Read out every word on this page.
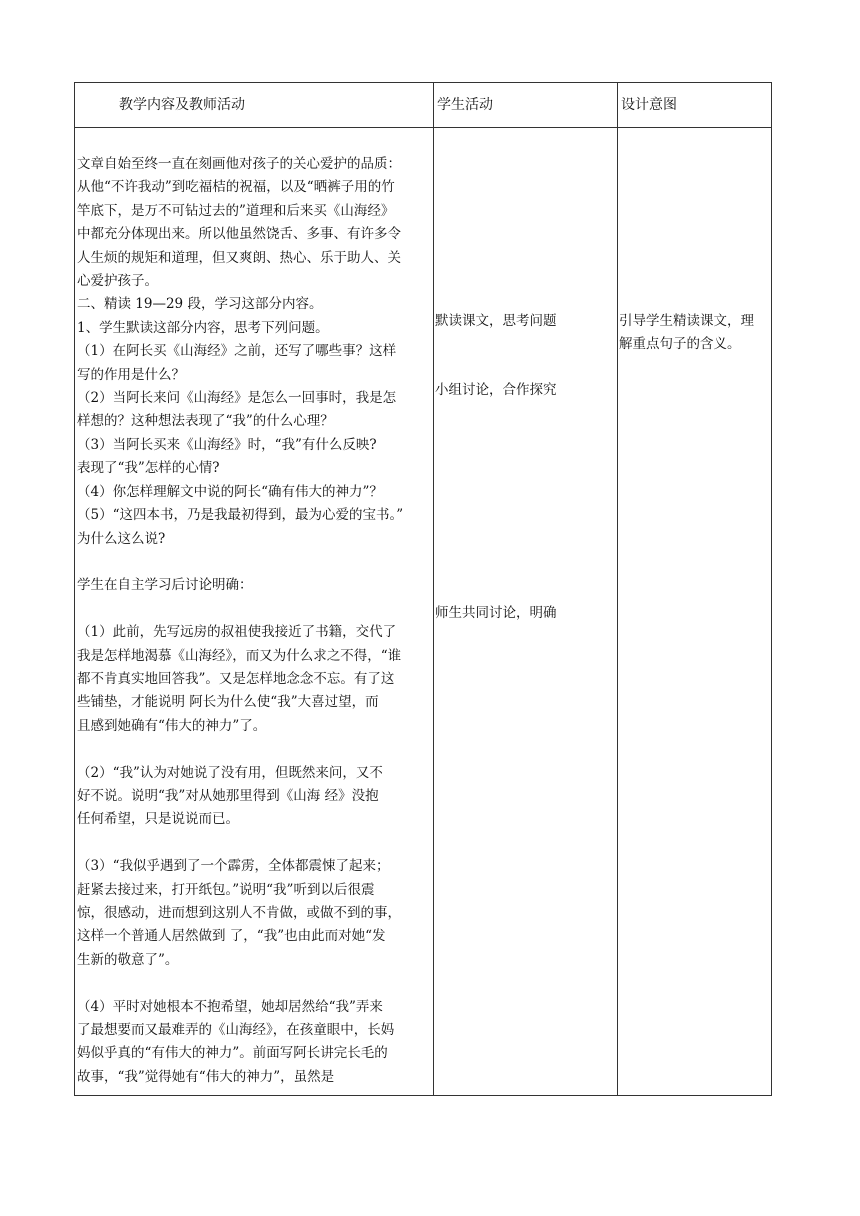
教学内容及教师活动	学生活动	设计意图

文章自始至终一直在刻画他对孩子的关心爱护的品质：

从他“不许我动”到吃福桔的祝福，以及“晒裤子用的竹

竿底下，是万不可钻过去的”道理和后来买《山海经》

中都充分体现出来。所以他虽然饶舌、多事、有许多令

人生烦的规矩和道理，但又爽朗、热心、乐于助人、关

心爱护孩子。

二、精读 19—29 段，学习这部分内容。

1、学生默读这部分内容，思考下列问题。

（1）在阿长买《山海经》之前，还写了哪些事？这样

写的作用是什么？

（2）当阿长来问《山海经》是怎么一回事时，我是怎

样想的？这种想法表现了“我”的什么心理？

（3）当阿长买来《山海经》时，“我”有什么反映?

表现了“我”怎样的心情?

（4）你怎样理解文中说的阿长“确有伟大的神力”？

（5）“这四本书，乃是我最初得到，最为心爱的宝书。”

为什么这么说?

学生在自主学习后讨论明确：

（1）此前，先写远房的叔祖使我接近了书籍，交代了

我是怎样地渴慕《山海经》，而又为什么求之不得，“谁

都不肯真实地回答我”。又是怎样地念念不忘。有了这

些铺垫，才能说明 阿长为什么使“我”大喜过望，而

且感到她确有“伟大的神力”了。

（2）“我”认为对她说了没有用，但既然来问，又不

好不说。说明“我”对从她那里得到《山海 经》没抱

任何希望，只是说说而已。

（3）“我似乎遇到了一个霹雳，全体都震悚了起来；

赶紧去接过来，打开纸包。”说明“我”听到以后很震

惊，很感动，进而想到这别人不肯做，或做不到的事，

这样一个普通人居然做到 了，“我”也由此而对她“发

生新的敬意了”。

（4）平时对她根本不抱希望，她却居然给“我”弄来

了最想要而又最难弄的《山海经》，在孩童眼中，长妈

妈似乎真的“有伟大的神力”。前面写阿长讲完长毛的

故事，“我”觉得她有“伟大的神力”，虽然是

默读课文，思考问题
小组讨论，合作探究
师生共同讨论，明确

引导学生精读课文，理

解重点句子的含义。
